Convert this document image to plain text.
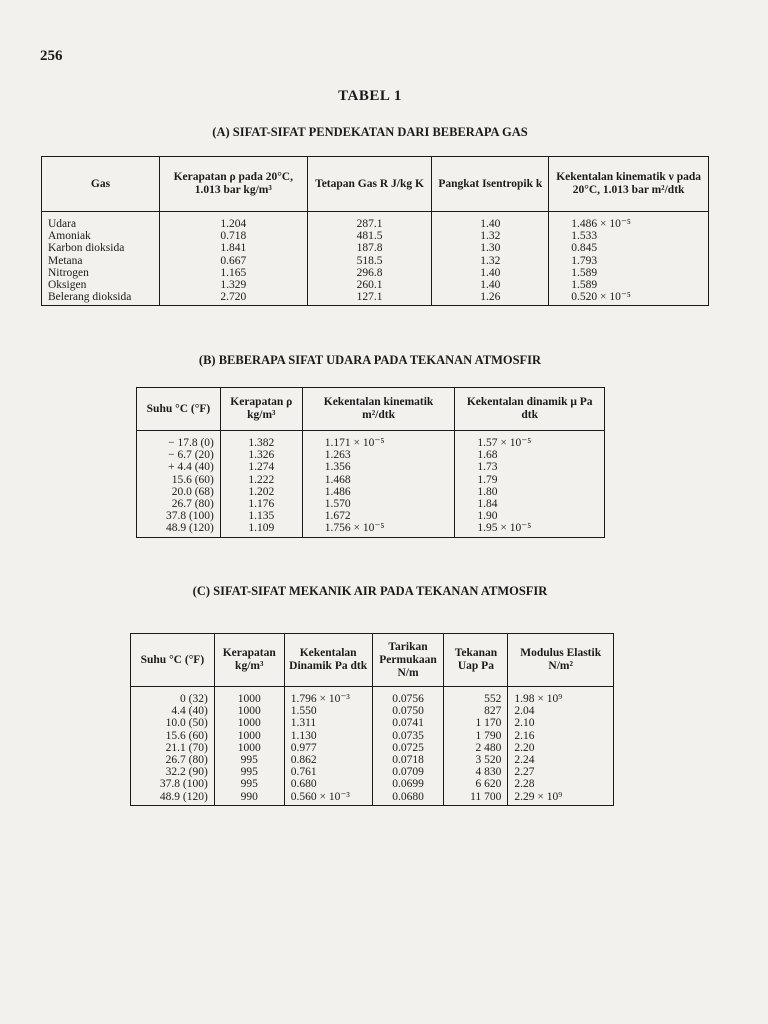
256
TABEL 1
(A) SIFAT-SIFAT PENDEKATAN DARI BEBERAPA GAS
Gas	Kerapatan ρ pada 20°C, 1.013 bar kg/m³	Tetapan Gas R J/kg K	Pangkat Isentropik k	Kekentalan kinematik ν pada 20°C, 1.013 bar m²/dtk
Udara	1.204	287.1	1.40	1.486 × 10⁻⁵
Amoniak	0.718	481.5	1.32	1.533
Karbon dioksida	1.841	187.8	1.30	0.845
Metana	0.667	518.5	1.32	1.793
Nitrogen	1.165	296.8	1.40	1.589
Oksigen	1.329	260.1	1.40	1.589
Belerang dioksida	2.720	127.1	1.26	0.520 × 10⁻⁵
(B) BEBERAPA SIFAT UDARA PADA TEKANAN ATMOSFIR
Suhu °C (°F)	Kerapatan ρ kg/m³	Kekentalan kinematik m²/dtk	Kekentalan dinamik μ Pa dtk
− 17.8 (0)	1.382	1.171 × 10⁻⁵	1.57 × 10⁻⁵
− 6.7 (20)	1.326	1.263	1.68
+ 4.4 (40)	1.274	1.356	1.73
15.6 (60)	1.222	1.468	1.79
20.0 (68)	1.202	1.486	1.80
26.7 (80)	1.176	1.570	1.84
37.8 (100)	1.135	1.672	1.90
48.9 (120)	1.109	1.756 × 10⁻⁵	1.95 × 10⁻⁵
(C) SIFAT-SIFAT MEKANIK AIR PADA TEKANAN ATMOSFIR
Suhu °C (°F)	Kerapatan kg/m³	Kekentalan Dinamik Pa dtk	Tarikan Permukaan N/m	Tekanan Uap Pa	Modulus Elastik N/m²
0 (32)	1000	1.796 × 10⁻³	0.0756	552	1.98 × 10⁹
4.4 (40)	1000	1.550	0.0750	827	2.04
10.0 (50)	1000	1.311	0.0741	1 170	2.10
15.6 (60)	1000	1.130	0.0735	1 790	2.16
21.1 (70)	1000	0.977	0.0725	2 480	2.20
26.7 (80)	995	0.862	0.0718	3 520	2.24
32.2 (90)	995	0.761	0.0709	4 830	2.27
37.8 (100)	995	0.680	0.0699	6 620	2.28
48.9 (120)	990	0.560 × 10⁻³	0.0680	11 700	2.29 × 10⁹
